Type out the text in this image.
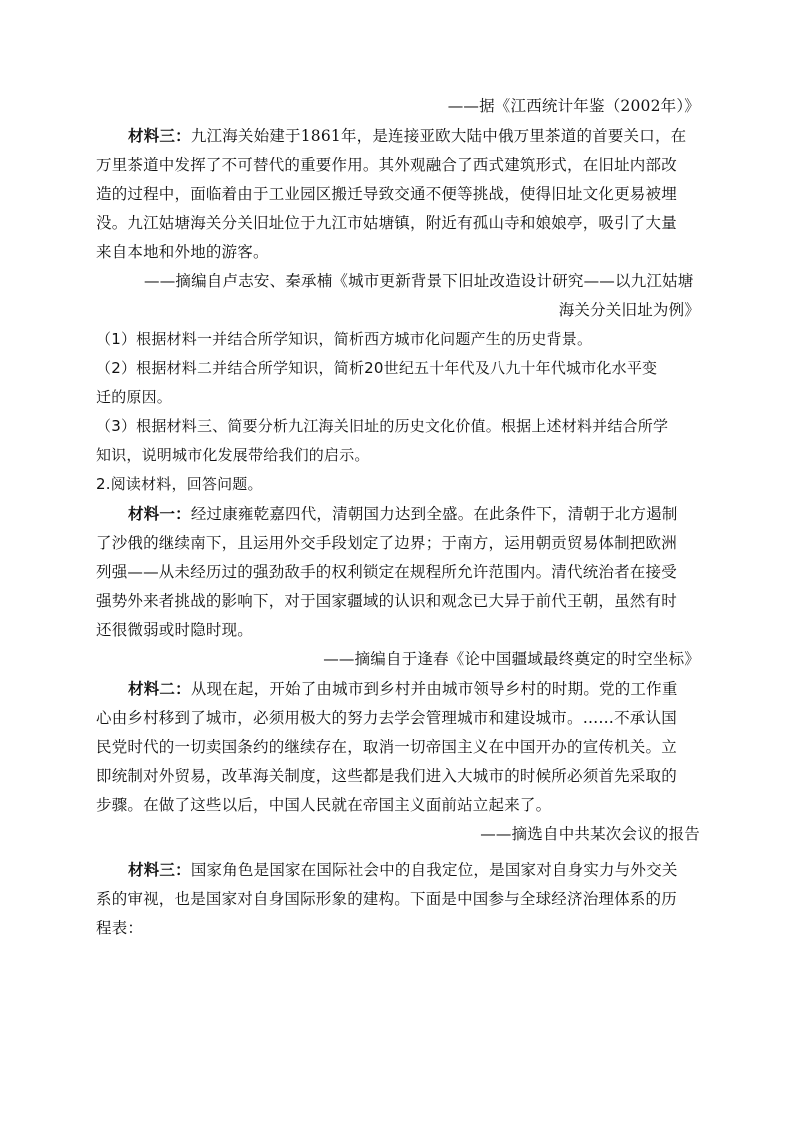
——据《江西统计年鉴（2002年）》
材料三：九江海关始建于1861年，是连接亚欧大陆中俄万里茶道的首要关口，在
万里茶道中发挥了不可替代的重要作用。其外观融合了西式建筑形式，在旧址内部改
造的过程中，面临着由于工业园区搬迁导致交通不便等挑战，使得旧址文化更易被埋
没。九江姑塘海关分关旧址位于九江市姑塘镇，附近有孤山寺和娘娘亭，吸引了大量
来自本地和外地的游客。
——摘编自卢志安、秦承楠《城市更新背景下旧址改造设计研究——以九江姑塘
海关分关旧址为例》
（1）根据材料一并结合所学知识，简析西方城市化问题产生的历史背景。
（2）根据材料二并结合所学知识，简析20世纪五十年代及八九十年代城市化水平变
迁的原因。
（3）根据材料三、简要分析九江海关旧址的历史文化价值。根据上述材料并结合所学
知识，说明城市化发展带给我们的启示。
2.阅读材料，回答问题。
材料一：经过康雍乾嘉四代，清朝国力达到全盛。在此条件下，清朝于北方遏制
了沙俄的继续南下，且运用外交手段划定了边界；于南方，运用朝贡贸易体制把欧洲
列强——从未经历过的强劲敌手的权利锁定在规程所允许范围内。清代统治者在接受
强势外来者挑战的影响下，对于国家疆域的认识和观念已大异于前代王朝，虽然有时
还很微弱或时隐时现。
——摘编自于逢春《论中国疆域最终奠定的时空坐标》
材料二：从现在起，开始了由城市到乡村并由城市领导乡村的时期。党的工作重
心由乡村移到了城市，必须用极大的努力去学会管理城市和建设城市。……不承认国
民党时代的一切卖国条约的继续存在，取消一切帝国主义在中国开办的宣传机关。立
即统制对外贸易，改革海关制度，这些都是我们进入大城市的时候所必须首先采取的
步骤。在做了这些以后，中国人民就在帝国主义面前站立起来了。
——摘选自中共某次会议的报告
材料三：国家角色是国家在国际社会中的自我定位，是国家对自身实力与外交关
系的审视，也是国家对自身国际形象的建构。下面是中国参与全球经济治理体系的历
程表：
